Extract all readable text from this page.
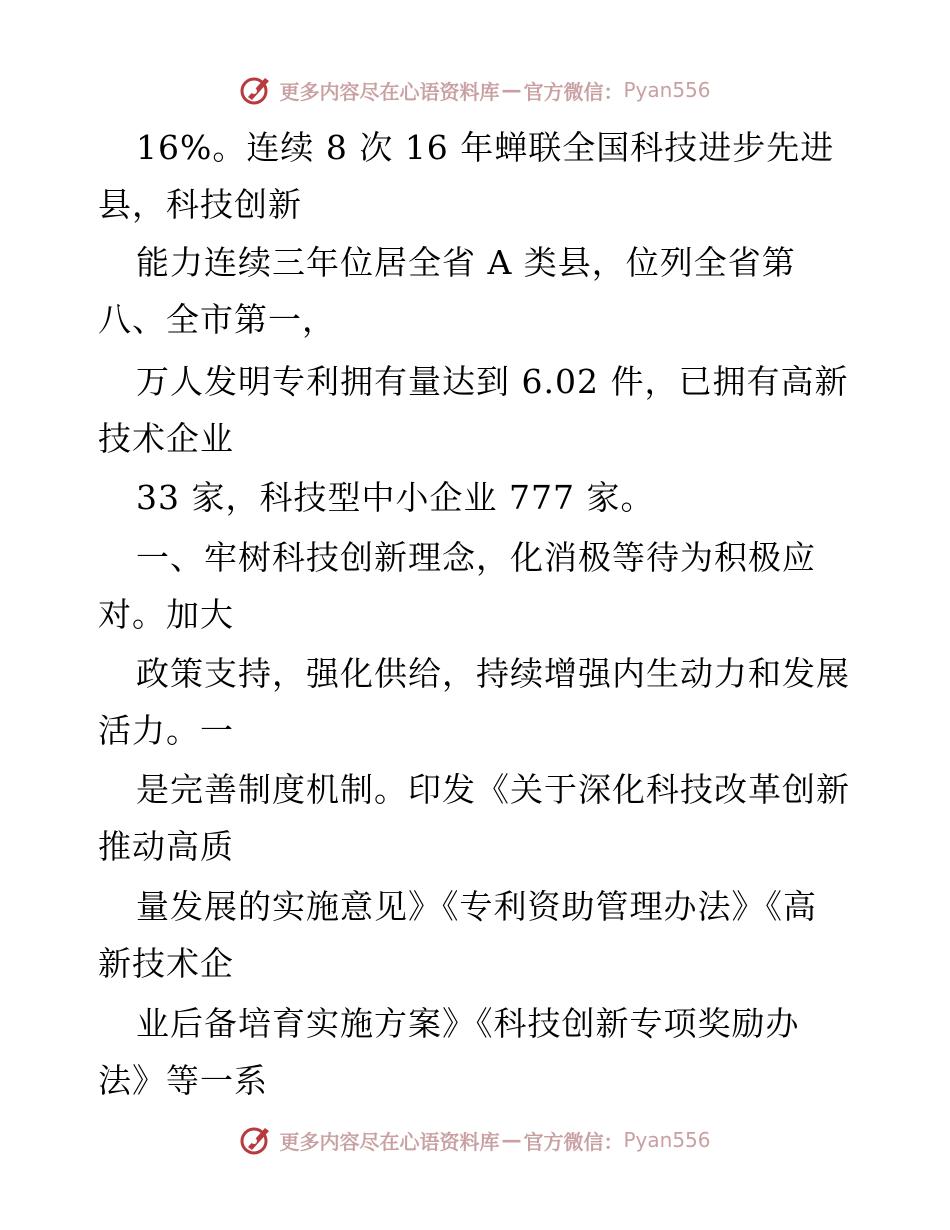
更多内容尽在心语资料库 — 官方微信： Pyan556
16%。连续 8 次 16 年蝉联全国科技进步先进
县，科技创新
能力连续三年位居全省 A 类县，位列全省第
八、全市第一，
万人发明专利拥有量达到 6.02 件，已拥有高新
技术企业
33 家，科技型中小企业 777 家。
一、牢树科技创新理念，化消极等待为积极应
对。加大
政策支持，强化供给，持续增强内生动力和发展
活力。一
是完善制度机制。印发《关于深化科技改革创新
推动高质
量发展的实施意见》《专利资助管理办法》《高
新技术企
业后备培育实施方案》《科技创新专项奖励办
法》等一系
更多内容尽在心语资料库 — 官方微信： Pyan556
